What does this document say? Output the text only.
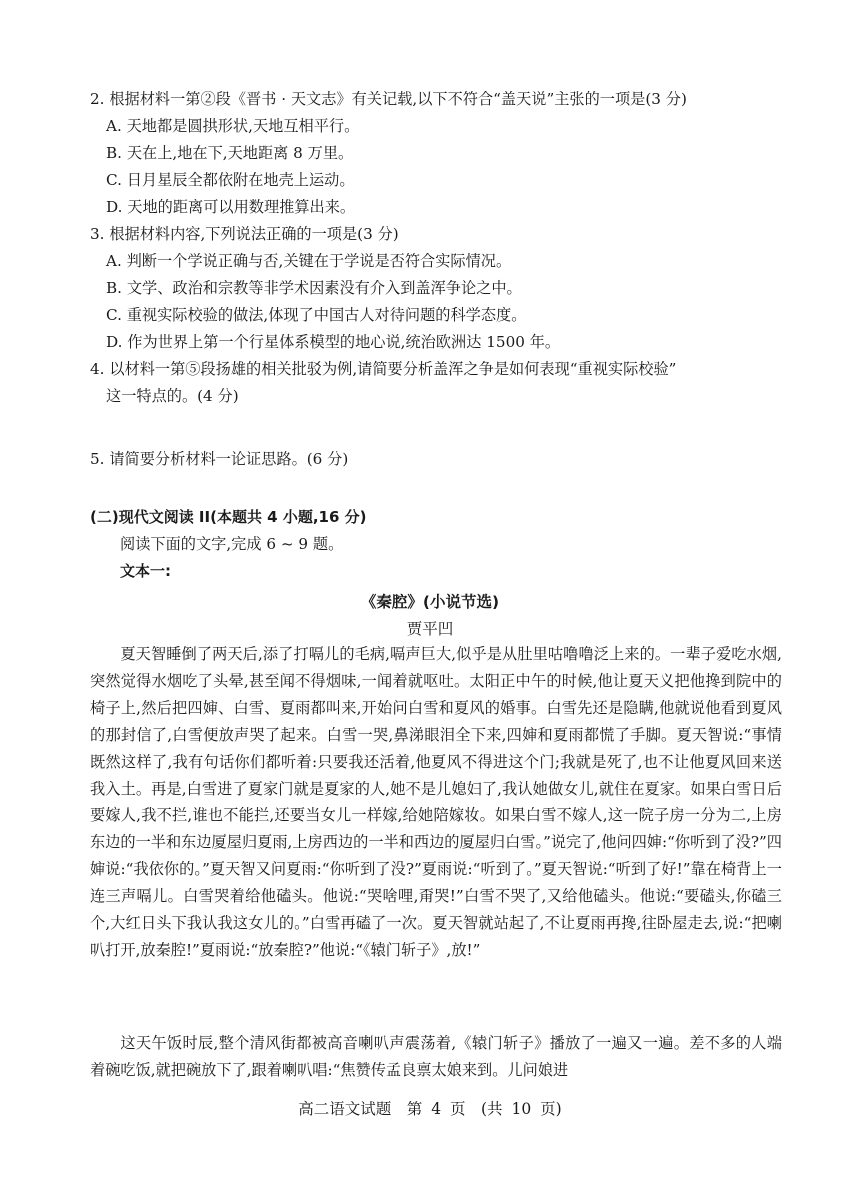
2. 根据材料一第②段《晋书 · 天文志》有关记载,以下不符合“盖天说”主张的一项是(3 分)
A. 天地都是圆拱形状,天地互相平行。
B. 天在上,地在下,天地距离 8 万里。
C. 日月星辰全都依附在地壳上运动。
D. 天地的距离可以用数理推算出来。
3. 根据材料内容,下列说法正确的一项是(3 分)
A. 判断一个学说正确与否,关键在于学说是否符合实际情况。
B. 文学、政治和宗教等非学术因素没有介入到盖浑争论之中。
C. 重视实际校验的做法,体现了中国古人对待问题的科学态度。
D. 作为世界上第一个行星体系模型的地心说,统治欧洲达 1500 年。
4. 以材料一第⑤段扬雄的相关批驳为例,请简要分析盖浑之争是如何表现“重视实际校验”
这一特点的。(4 分)
5. 请简要分析材料一论证思路。(6 分)
(二)现代文阅读 II(本题共 4 小题,16 分)
阅读下面的文字,完成 6 ~ 9 题。
文本一:
《秦腔》(小说节选)
贾平凹
夏天智睡倒了两天后,添了打嗝儿的毛病,嗝声巨大,似乎是从肚里咕噜噜泛上来的。一辈子爱吃水烟,突然觉得水烟吃了头晕,甚至闻不得烟味,一闻着就呕吐。太阳正中午的时候,他让夏天义把他搀到院中的椅子上,然后把四婶、白雪、夏雨都叫来,开始问白雪和夏风的婚事。白雪先还是隐瞒,他就说他看到夏风的那封信了,白雪便放声哭了起来。白雪一哭,鼻涕眼泪全下来,四婶和夏雨都慌了手脚。夏天智说:“事情既然这样了,我有句话你们都听着:只要我还活着,他夏风不得进这个门;我就是死了,也不让他夏风回来送我入土。再是,白雪进了夏家门就是夏家的人,她不是儿媳妇了,我认她做女儿,就住在夏家。如果白雪日后要嫁人,我不拦,谁也不能拦,还要当女儿一样嫁,给她陪嫁妆。如果白雪不嫁人,这一院子房一分为二,上房东边的一半和东边厦屋归夏雨,上房西边的一半和西边的厦屋归白雪。”说完了,他问四婶:“你听到了没?”四婶说:“我依你的。”夏天智又问夏雨:“你听到了没?”夏雨说:“听到了。”夏天智说:“听到了好!”靠在椅背上一连三声嗝儿。白雪哭着给他磕头。他说:“哭啥哩,甭哭!”白雪不哭了,又给他磕头。他说:“要磕头,你磕三个,大红日头下我认我这女儿的。”白雪再磕了一次。夏天智就站起了,不让夏雨再搀,往卧屋走去,说:“把喇叭打开,放秦腔!”夏雨说:“放秦腔?”他说:“《辕门斩子》,放!”
这天午饭时辰,整个清风街都被高音喇叭声震荡着,《辕门斩子》播放了一遍又一遍。差不多的人端着碗吃饭,就把碗放下了,跟着喇叭唱:“焦赞传孟良禀太娘来到。儿问娘进
高二语文试题　第 4 页　(共 10 页)
